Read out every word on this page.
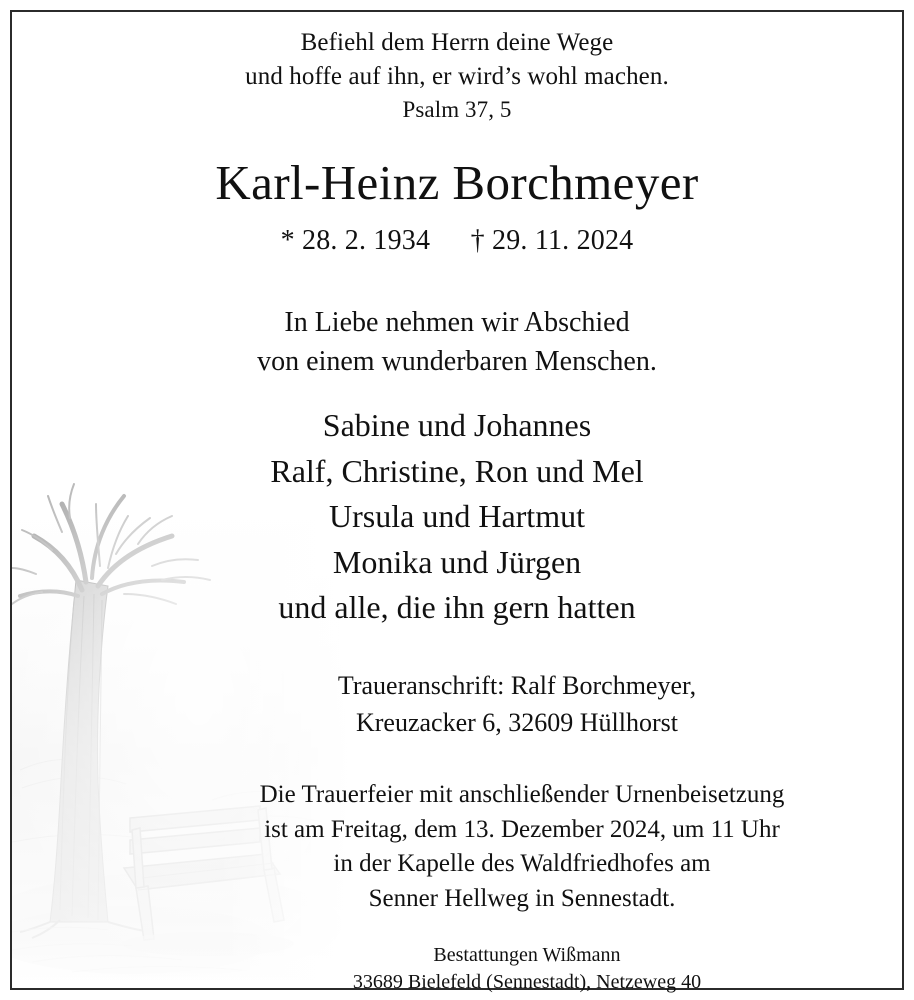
Befiehl dem Herrn deine Wege
und hoffe auf ihn, er wird’s wohl machen.
Psalm 37, 5
Karl-Heinz Borchmeyer
* 28. 2. 1934 † 29. 11. 2024
In Liebe nehmen wir Abschied
von einem wunderbaren Menschen.
Sabine und Johannes
Ralf, Christine, Ron und Mel
Ursula und Hartmut
Monika und Jürgen
und alle, die ihn gern hatten
Traueranschrift: Ralf Borchmeyer,
Kreuzacker 6, 32609 Hüllhorst
Die Trauerfeier mit anschließender Urnenbeisetzung
ist am Freitag, dem 13. Dezember 2024, um 11 Uhr
in der Kapelle des Waldfriedhofes am
Senner Hellweg in Sennestadt.
Bestattungen Wißmann
33689 Bielefeld (Sennestadt), Netzeweg 40
